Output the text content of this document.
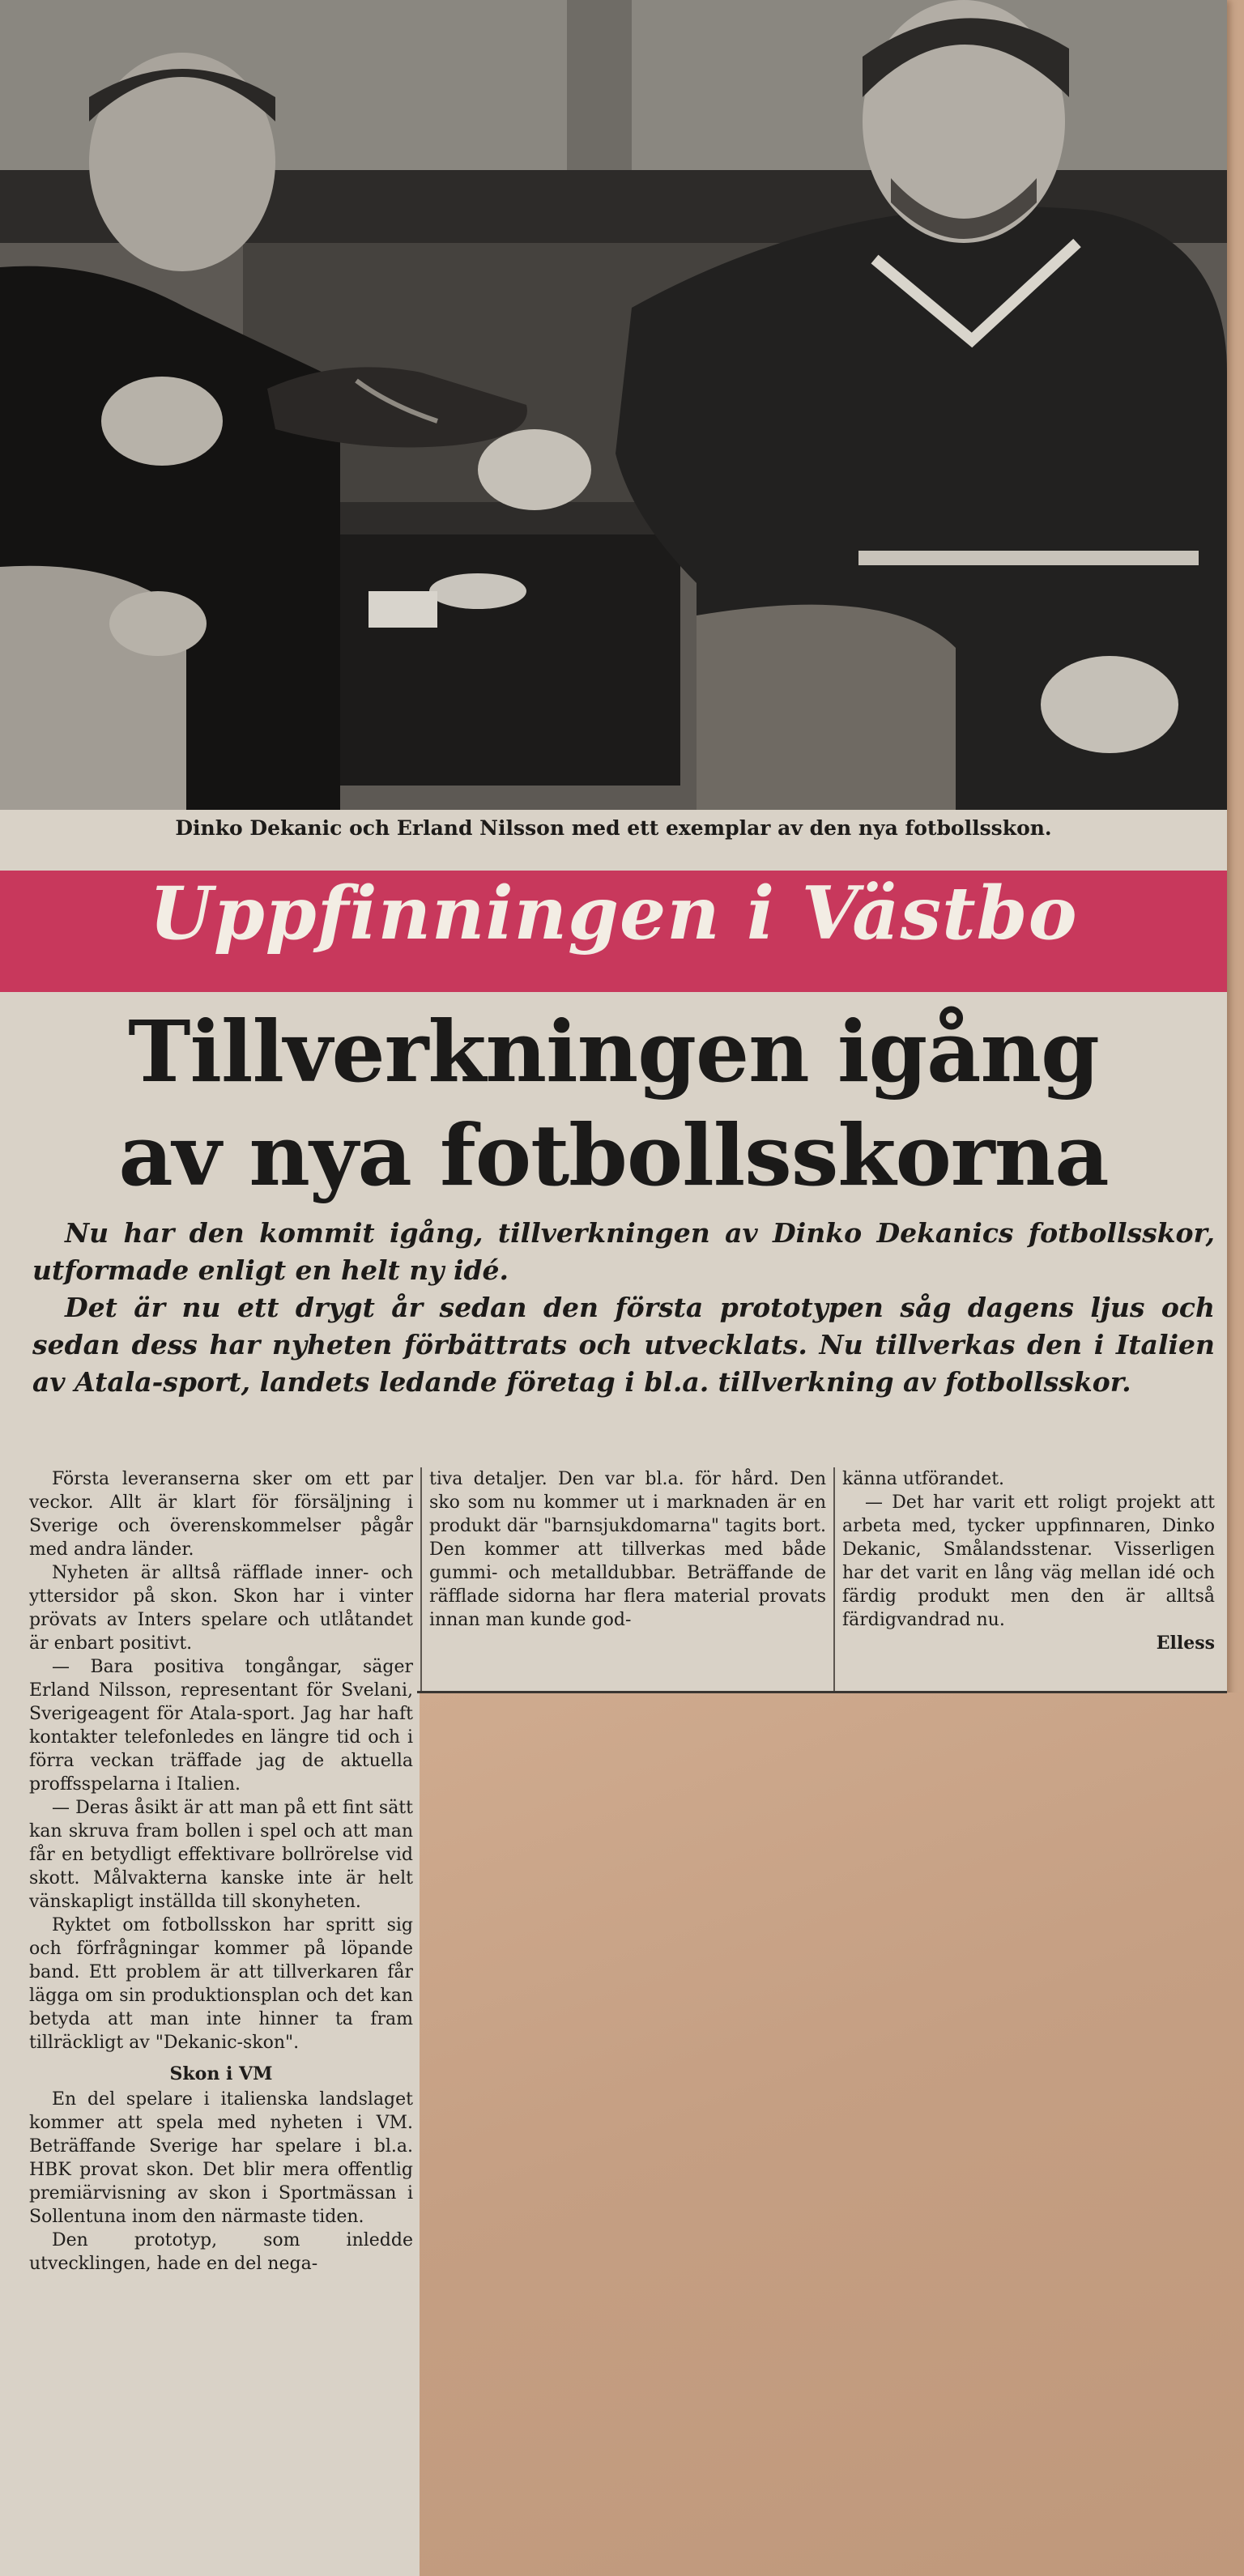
Dinko Dekanic och Erland Nilsson med ett exemplar av den nya fotbollsskon.
Uppfinningen i Västbo
Tillverkningen igång
av nya fotbollsskorna

Nu har den kommit igång, tillverkningen av Dinko Dekanics fotbollsskor, utformade enligt en helt ny idé.

Det är nu ett drygt år sedan den första prototypen såg dagens ljus och sedan dess har nyheten förbättrats och utvecklats. Nu tillverkas den i Italien av Atala-sport, landets ledande företag i bl.a. tillverkning av fotbollsskor.

Första leveranserna sker om ett par veckor. Allt är klart för försäljning i Sverige och överenskommelser pågår med andra länder.

Nyheten är alltså räfflade inner- och yttersidor på skon. Skon har i vinter prövats av Inters spelare och utlåtandet är enbart positivt.

— Bara positiva tongångar, säger Erland Nilsson, representant för Svelani, Sverigeagent för Atala-sport. Jag har haft kontakter telefonledes en längre tid och i förra veckan träffade jag de aktuella proffsspelarna i Italien.

— Deras åsikt är att man på ett fint sätt kan skruva fram bollen i spel och att man får en betydligt effektivare bollrörelse vid skott. Målvakterna kanske inte är helt vänskapligt inställda till skonyheten.

Ryktet om fotbollsskon har spritt sig och förfrågningar kommer på löpande band. Ett problem är att tillverkaren får lägga om sin produktionsplan och det kan betyda att man inte hinner ta fram tillräckligt av "Dekanic-skon".

Skon i VM

En del spelare i italienska landslaget kommer att spela med nyheten i VM. Beträffande Sverige har spelare i bl.a. HBK provat skon. Det blir mera offentlig premiärvisning av skon i Sportmässan i Sollentuna inom den närmaste tiden.

Den prototyp, som inledde utvecklingen, hade en del nega-

tiva detaljer. Den var bl.a. för hård. Den sko som nu kommer ut i marknaden är en produkt där "barnsjukdomarna" tagits bort. Den kommer att tillverkas med både gummi- och metalldubbar. Beträffande de räfflade sidorna har flera material provats innan man kunde god-

känna utförandet.

— Det har varit ett roligt projekt att arbeta med, tycker uppfinnaren, Dinko Dekanic, Smålandsstenar. Visserligen har det varit en lång väg mellan idé och färdig produkt men den är alltså färdigvandrad nu.

Elless
